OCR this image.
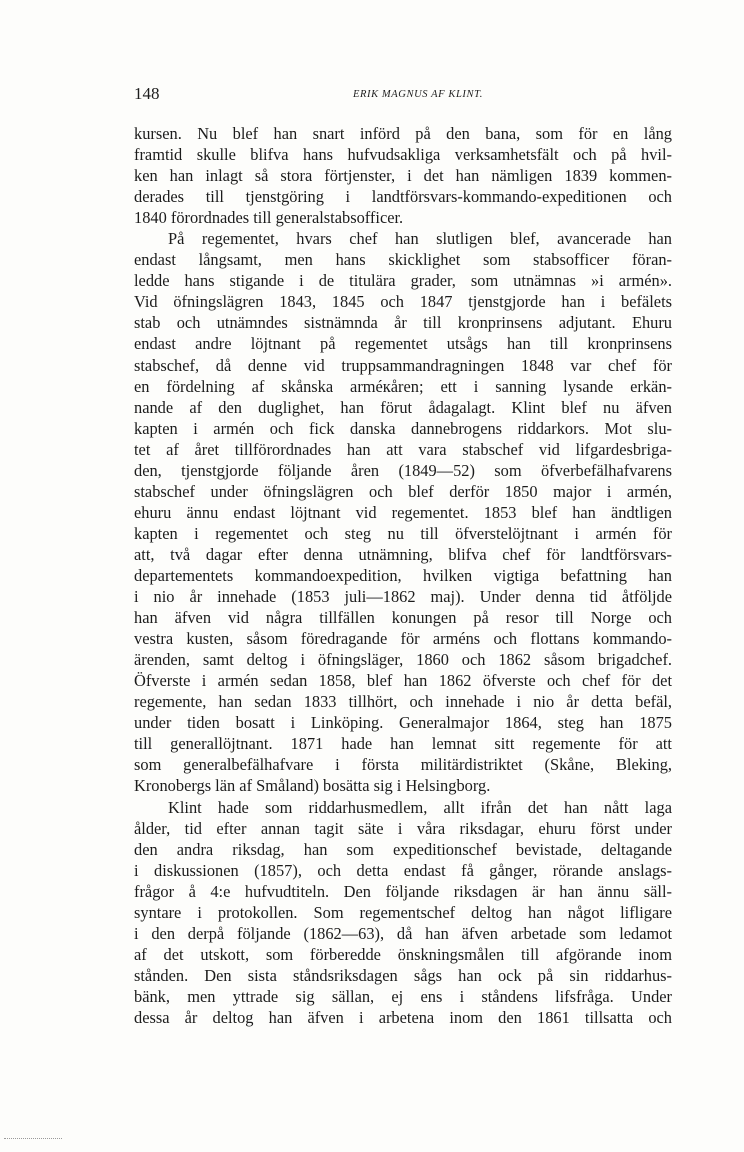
148	ERIK MAGNUS AF KLINT.
kursen. Nu blef han snart införd på den bana, som för en lång
framtid skulle blifva hans hufvudsakliga verksamhetsfält och på hvil-
ken han inlagt så stora förtjenster, i det han nämligen 1839 kommen-
derades till tjenstgöring i landtförsvars-kommando-expeditionen och
1840 förordnades till generalstabsofficer.
På regementet, hvars chef han slutligen blef, avancerade han
endast långsamt, men hans skicklighet som stabsofficer föran-
ledde hans stigande i de titulära grader, som utnämnas »i armén».
Vid öfningslägren 1843, 1845 och 1847 tjenstgjorde han i befälets
stab och utnämndes sistnämnda år till kronprinsens adjutant. Ehuru
endast andre löjtnant på regementet utsågs han till kronprinsens
stabschef, då denne vid truppsammandragningen 1848 var chef för
en fördelning af skånska arméкåren; ett i sanning lysande erkän-
nande af den duglighet, han förut ådagalagt. Klint blef nu äfven
kapten i armén och fick danska dannebrogens riddarkors. Mot slu-
tet af året tillförordnades han att vara stabschef vid lifgardesbriga-
den, tjenstgjorde följande åren (1849—52) som öfverbefälhafvarens
stabschef under öfningslägren och blef derför 1850 major i armén,
ehuru ännu endast löjtnant vid regementet. 1853 blef han ändtligen
kapten i regementet och steg nu till öfverstelöjtnant i armén för
att, två dagar efter denna utnämning, blifva chef för landtförsvars-
departementets kommandoexpedition, hvilken vigtiga befattning han
i nio år innehade (1853 juli—1862 maj). Under denna tid åtföljde
han äfven vid några tillfällen konungen på resor till Norge och
vestra kusten, såsom föredragande för arméns och flottans kommando-
ärenden, samt deltog i öfningsläger, 1860 och 1862 såsom brigadchef.
Öfverste i armén sedan 1858, blef han 1862 öfverste och chef för det
regemente, han sedan 1833 tillhört, och innehade i nio år detta befäl,
under tiden bosatt i Linköping. Generalmajor 1864, steg han 1875
till generallöjtnant. 1871 hade han lemnat sitt regemente för att
som generalbefälhafvare i första militärdistriktet (Skåne, Bleking,
Kronobergs län af Småland) bosätta sig i Helsingborg.
Klint hade som riddarhusmedlem, allt ifrån det han nått laga
ålder, tid efter annan tagit säte i våra riksdagar, ehuru först under
den andra riksdag, han som expeditionschef bevistade, deltagande
i diskussionen (1857), och detta endast få gånger, rörande anslags-
frågor å 4:e hufvudtiteln. Den följande riksdagen är han ännu säll-
syntare i protokollen. Som regementschef deltog han något lifligare
i den derpå följande (1862—63), då han äfven arbetade som ledamot
af det utskott, som förberedde önskningsmålen till afgörande inom
stånden. Den sista ståndsriksdagen sågs han ock på sin riddarhus-
bänk, men yttrade sig sällan, ej ens i ståndens lifsfråga. Under
dessa år deltog han äfven i arbetena inom den 1861 tillsatta och
